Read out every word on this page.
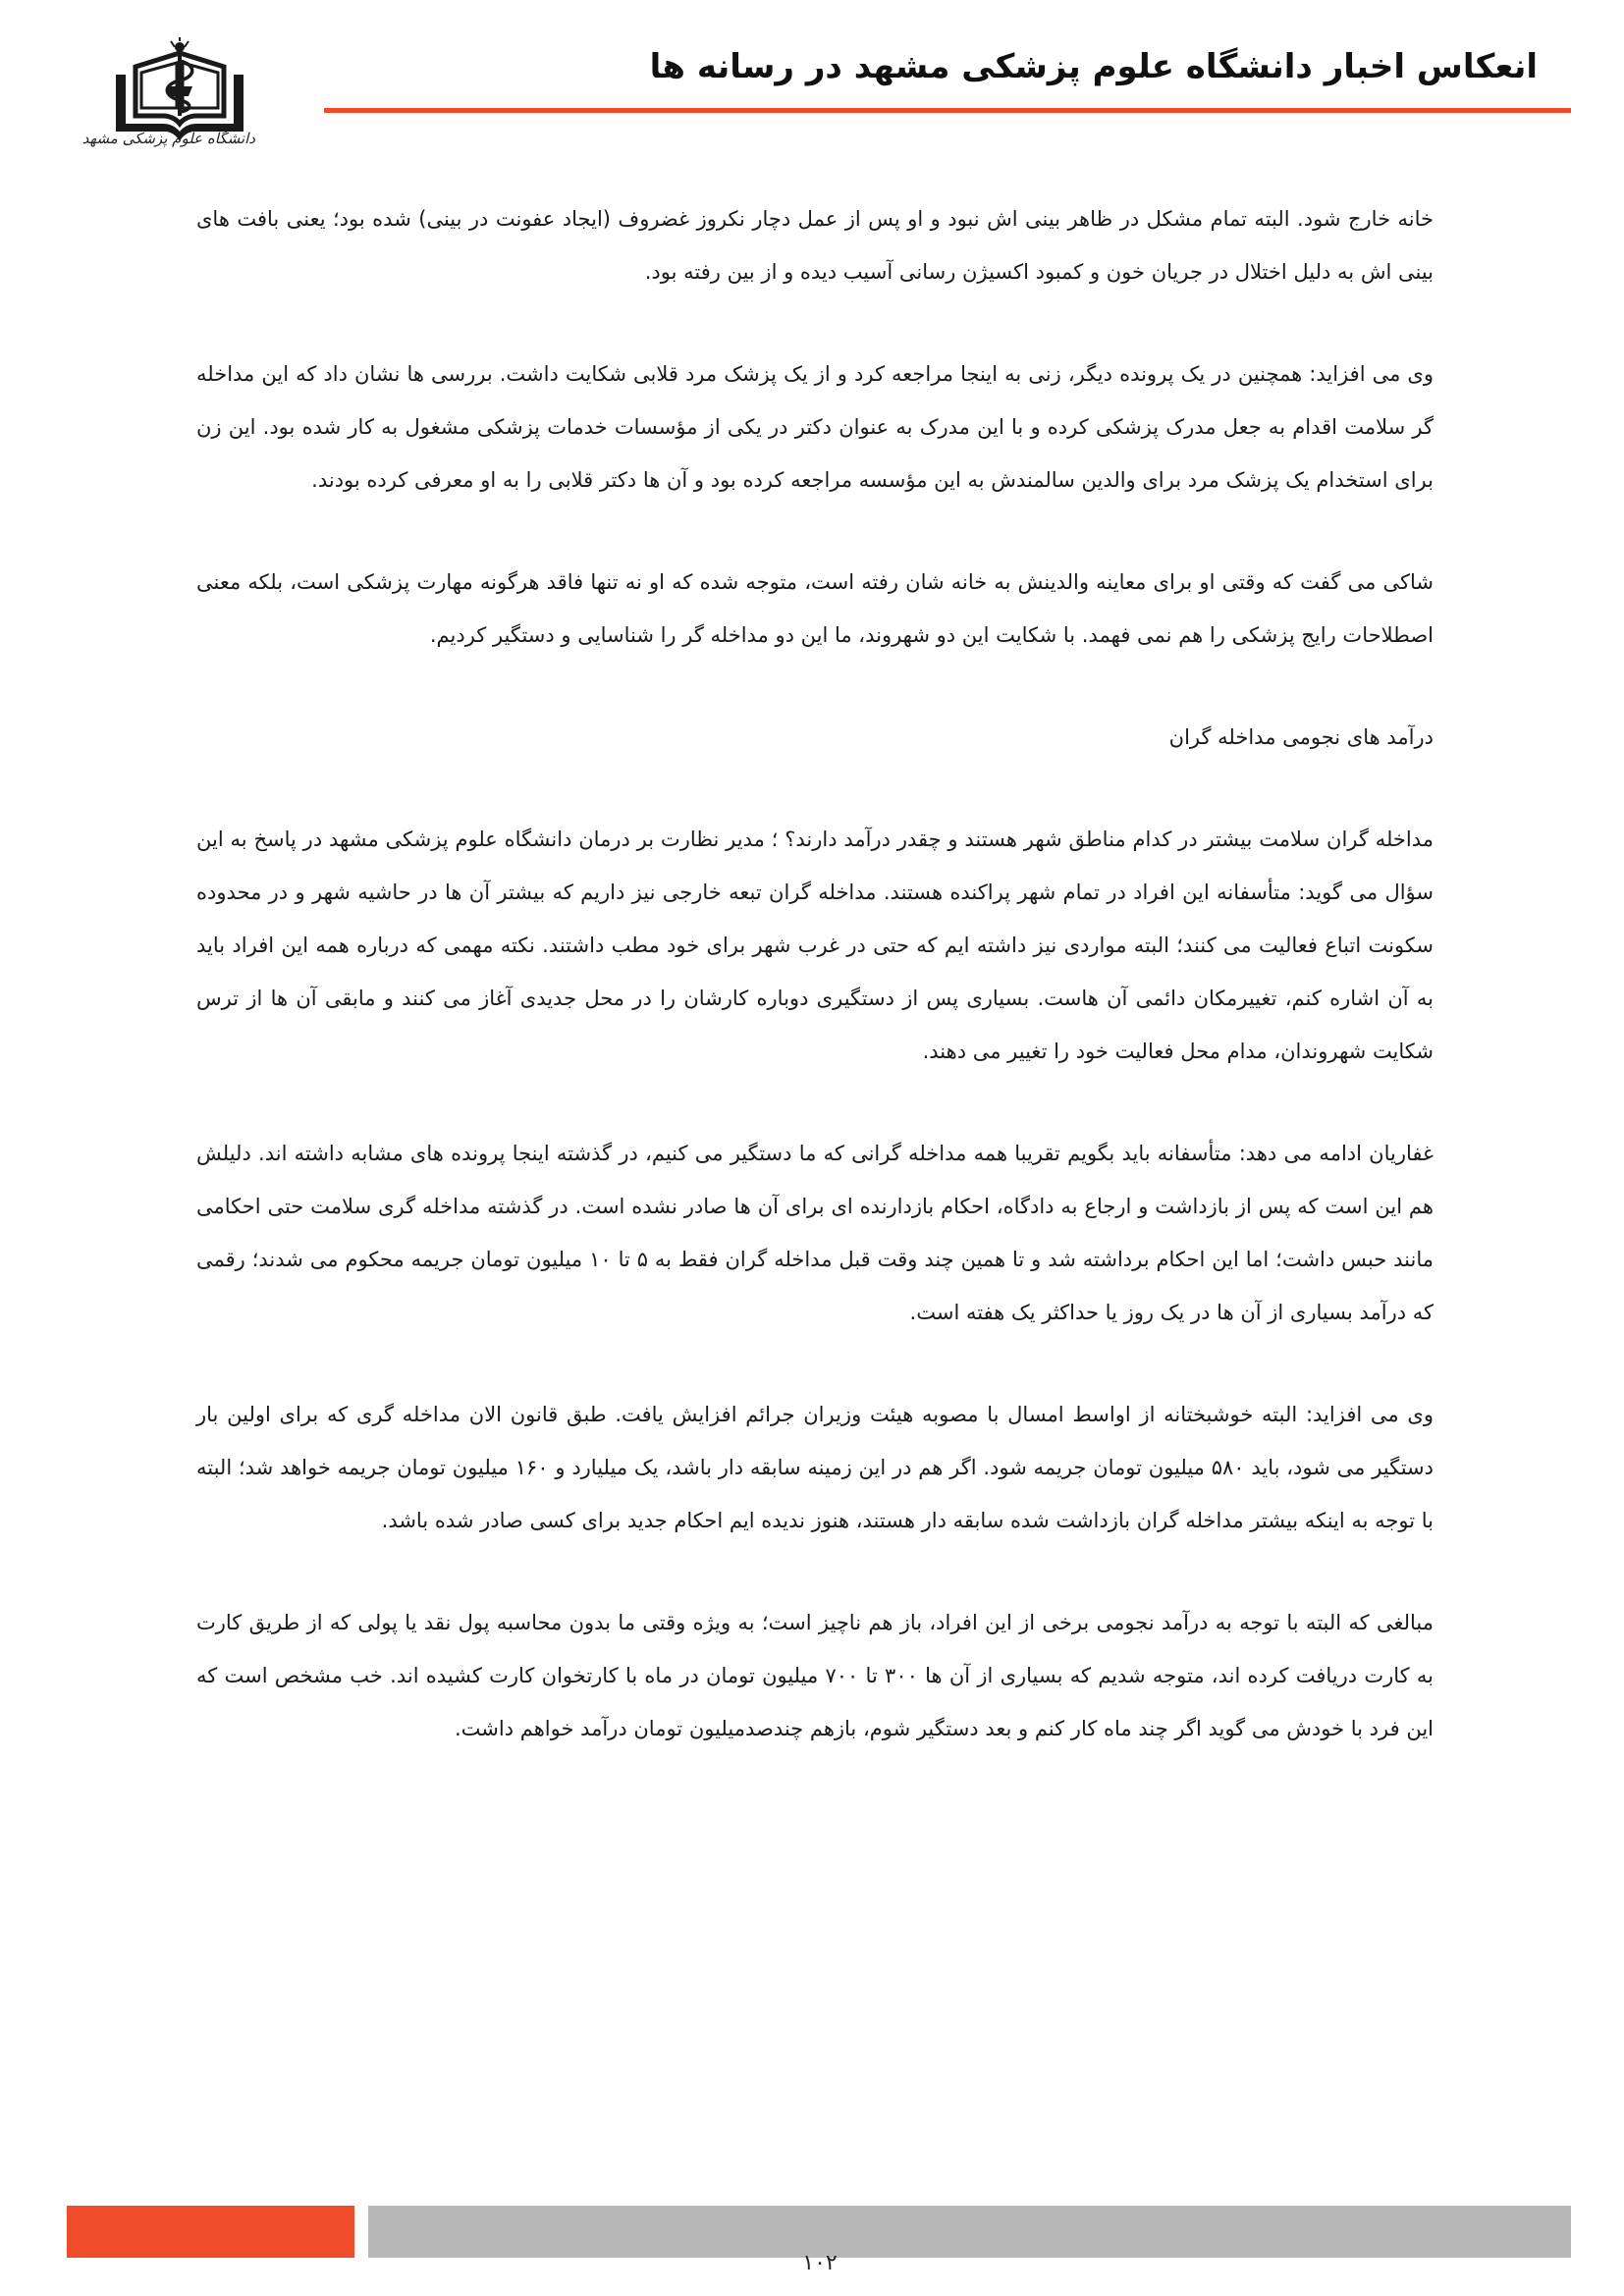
انعکاس اخبار دانشگاه علوم پزشکی مشهد در رسانه ها
دانشگاه علوم پزشکی مشهد

خانه خارج شود. البته تمام مشکل در ظاهر بینی اش نبود و او پس از عمل دچار نکروز غضروف (ایجاد عفونت در بینی) شده بود؛ یعنی بافت های بینی اش به دلیل اختلال در جریان خون و کمبود اکسیژن رسانی آسیب دیده و از بین رفته بود.

وی می افزاید: همچنین در یک پرونده دیگر، زنی به اینجا مراجعه کرد و از یک پزشک مرد قلابی شکایت داشت. بررسی ها نشان داد که این مداخله گر سلامت اقدام به جعل مدرک پزشکی کرده و با این مدرک به عنوان دکتر در یکی از مؤسسات خدمات پزشکی مشغول به کار شده بود. این زن برای استخدام یک پزشک مرد برای والدین سالمندش به این مؤسسه مراجعه کرده بود و آن ها دکتر قلابی را به او معرفی کرده بودند.

شاکی می گفت که وقتی او برای معاینه والدینش به خانه شان رفته است، متوجه شده که او نه تنها فاقد هرگونه مهارت پزشکی است، بلکه معنی اصطلاحات رایج پزشکی را هم نمی فهمد. با شکایت این دو شهروند، ما این دو مداخله گر را شناسایی و دستگیر کردیم.

درآمد های نجومی مداخله گران

مداخله گران سلامت بیشتر در کدام مناطق شهر هستند و چقدر درآمد دارند؟ ؛ مدیر نظارت بر درمان دانشگاه علوم پزشکی مشهد در پاسخ به این سؤال می گوید: متأسفانه این افراد در تمام شهر پراکنده هستند. مداخله گران تبعه خارجی نیز داریم که بیشتر آن ها در حاشیه شهر و در محدوده سکونت اتباع فعالیت می کنند؛ البته مواردی نیز داشته ایم که حتی در غرب شهر برای خود مطب داشتند. نکته مهمی که درباره همه این افراد باید به آن اشاره کنم، تغییرمکان دائمی آن هاست. بسیاری پس از دستگیری دوباره کارشان را در محل جدیدی آغاز می کنند و مابقی آن ها از ترس شکایت شهروندان، مدام محل فعالیت خود را تغییر می دهند.

غفاریان ادامه می دهد: متأسفانه باید بگویم تقریبا همه مداخله گرانی که ما دستگیر می کنیم، در گذشته اینجا پرونده های مشابه داشته اند. دلیلش هم این است که پس از بازداشت و ارجاع به دادگاه، احکام بازدارنده ای برای آن ها صادر نشده است. در گذشته مداخله گری سلامت حتی احکامی مانند حبس داشت؛ اما این احکام برداشته شد و تا همین چند وقت قبل مداخله گران فقط به ۵ تا ۱۰ میلیون تومان جریمه محکوم می شدند؛ رقمی که درآمد بسیاری از آن ها در یک روز یا حداکثر یک هفته است.

وی می افزاید: البته خوشبختانه از اواسط امسال با مصوبه هیئت وزیران جرائم افزایش یافت. طبق قانون الان مداخله گری که برای اولین بار دستگیر می شود، باید ۵۸۰ میلیون تومان جریمه شود. اگر هم در این زمینه سابقه دار باشد، یک میلیارد و ۱۶۰ میلیون تومان جریمه خواهد شد؛ البته با توجه به اینکه بیشتر مداخله گران بازداشت شده سابقه دار هستند، هنوز ندیده ایم احکام جدید برای کسی صادر شده باشد.

مبالغی که البته با توجه به درآمد نجومی برخی از این افراد، باز هم ناچیز است؛ به ویژه وقتی ما بدون محاسبه پول نقد یا پولی که از طریق کارت به کارت دریافت کرده اند، متوجه شدیم که بسیاری از آن ها ۳۰۰ تا ۷۰۰ میلیون تومان در ماه با کارتخوان کارت کشیده اند. خب مشخص است که این فرد با خودش می گوید اگر چند ماه کار کنم و بعد دستگیر شوم، بازهم چندصدمیلیون تومان درآمد خواهم داشت.

۱۰۲
